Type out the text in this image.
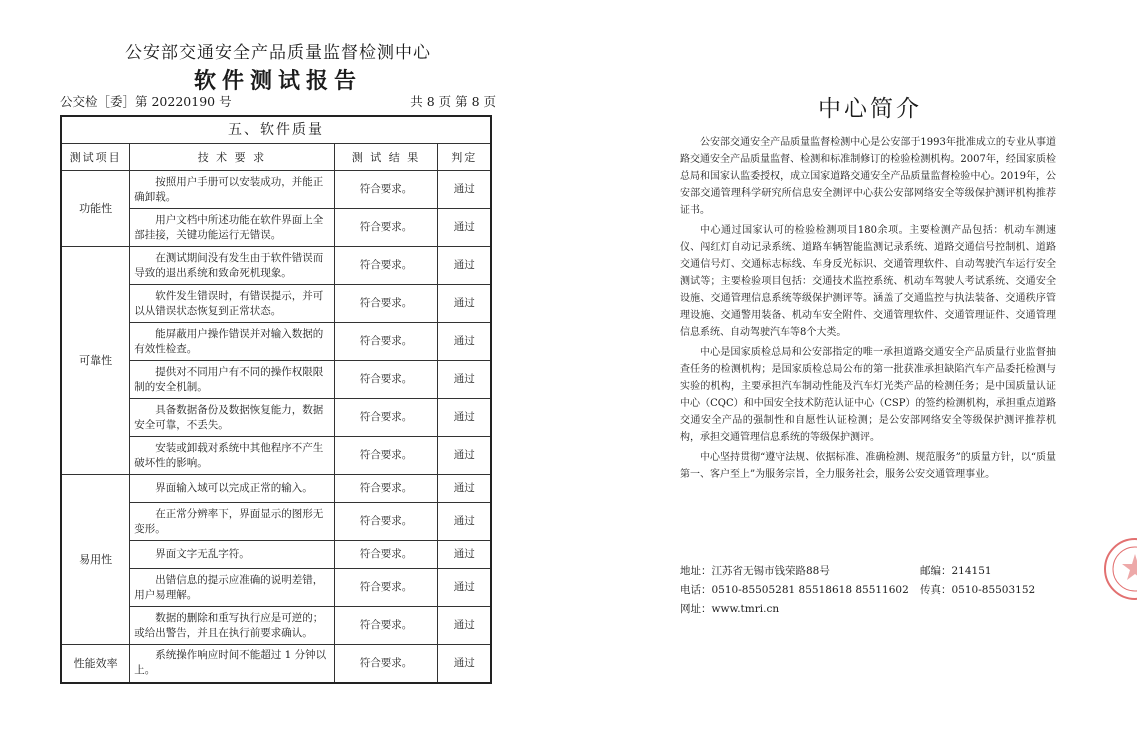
公安部交通安全产品质量监督检测中心
软件测试报告
公交检［委］第 20220190 号	共 8 页 第 8 页
五、软件质量			
测试项目	技 术 要 求	测 试 结 果	判定
功能性	按照用户手册可以安装成功，并能正确卸载。	符合要求。	通过

	用户文档中所述功能在软件界面上全部挂接，关键功能运行无错误。	符合要求。	通过
可靠性	在测试期间没有发生由于软件错误而导致的退出系统和致命死机现象。	符合要求。	通过

	软件发生错误时，有错误提示，并可以从错误状态恢复到正常状态。	符合要求。	通过

	能屏蔽用户操作错误并对输入数据的有效性检查。	符合要求。	通过

	提供对不同用户有不同的操作权限限制的安全机制。	符合要求。	通过

	具备数据备份及数据恢复能力，数据安全可靠，不丢失。	符合要求。	通过

	安装或卸载对系统中其他程序不产生破坏性的影响。	符合要求。	通过
易用性	界面输入域可以完成正常的输入。	符合要求。	通过

	在正常分辨率下，界面显示的图形无变形。	符合要求。	通过

	界面文字无乱字符。	符合要求。	通过

	出错信息的提示应准确的说明差错，用户易理解。	符合要求。	通过

	数据的删除和重写执行应是可逆的；或给出警告，并且在执行前要求确认。	符合要求。	通过
性能效率	系统操作响应时间不能超过 1 分钟以上。	符合要求。	通过
中心简介

公安部交通安全产品质量监督检测中心是公安部于1993年批准成立的专业从事道路交通安全产品质量监督、检测和标准制修订的检验检测机构。2007年，经国家质检总局和国家认监委授权，成立国家道路交通安全产品质量监督检验中心。2019年，公安部交通管理科学研究所信息安全测评中心获公安部网络安全等级保护测评机构推荐证书。

中心通过国家认可的检验检测项目180余项。主要检测产品包括：机动车测速仪、闯红灯自动记录系统、道路车辆智能监测记录系统、道路交通信号控制机、道路交通信号灯、交通标志标线、车身反光标识、交通管理软件、自动驾驶汽车运行安全测试等；主要检验项目包括：交通技术监控系统、机动车驾驶人考试系统、交通安全设施、交通管理信息系统等级保护测评等。涵盖了交通监控与执法装备、交通秩序管理设施、交通警用装备、机动车安全附件、交通管理软件、交通管理证件、交通管理信息系统、自动驾驶汽车等8个大类。

中心是国家质检总局和公安部指定的唯一承担道路交通安全产品质量行业监督抽查任务的检测机构；是国家质检总局公布的第一批获准承担缺陷汽车产品委托检测与实验的机构，主要承担汽车制动性能及汽车灯光类产品的检测任务；是中国质量认证中心（CQC）和中国安全技术防范认证中心（CSP）的签约检测机构，承担重点道路交通安全产品的强制性和自愿性认证检测；是公安部网络安全等级保护测评推荐机构，承担交通管理信息系统的等级保护测评。

中心坚持贯彻“遵守法规、依据标准、准确检测、规范服务”的质量方针，以“质量第一、客户至上”为服务宗旨，全力服务社会，服务公安交通管理事业。

地址：江苏省无锡市钱荣路88号	邮编：214151
电话：0510-85505281 85518618 85511602 传真：0510-85503152
网址：www.tmri.cn
